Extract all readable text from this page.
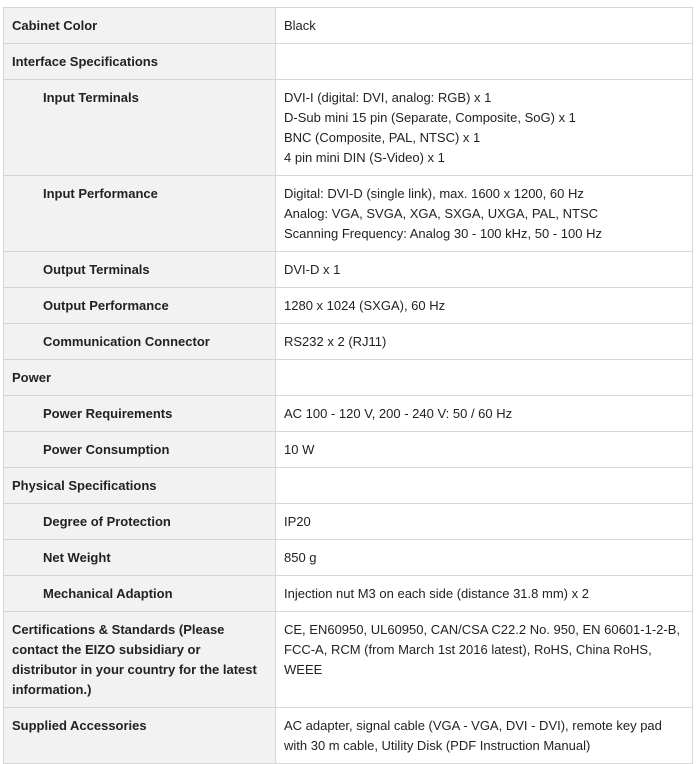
Cabinet Color	Black

Interface Specifications	
Input Terminals	DVI-I (digital: DVI, analog: RGB) x 1
D-Sub mini 15 pin (Separate, Composite, SoG) x 1
BNC (Composite, PAL, NTSC) x 1
4 pin mini DIN (S-Video) x 1

Input Performance	Digital: DVI-D (single link), max. 1600 x 1200, 60 Hz
Analog: VGA, SVGA, XGA, SXGA, UXGA, PAL, NTSC
Scanning Frequency: Analog 30 - 100 kHz, 50 - 100 Hz

Output Terminals	DVI-D x 1

Output Performance	1280 x 1024 (SXGA), 60 Hz

Communication Connector	RS232 x 2 (RJ11)

Power	
Power Requirements	AC 100 - 120 V, 200 - 240 V: 50 / 60 Hz

Power Consumption	10 W

Physical Specifications	
Degree of Protection	IP20

Net Weight	850 g

Mechanical Adaption	Injection nut M3 on each side (distance 31.8 mm) x 2

Certifications & Standards (Please contact the EIZO subsidiary or distributor in your country for the latest information.)	CE, EN60950, UL60950, CAN/CSA C22.2 No. 950, EN 60601-1-2-B, FCC-A, RCM (from March 1st 2016 latest), RoHS, China RoHS, WEEE

Supplied Accessories	AC adapter, signal cable (VGA - VGA, DVI - DVI), remote key pad with 30 m cable, Utility Disk (PDF Instruction Manual)
